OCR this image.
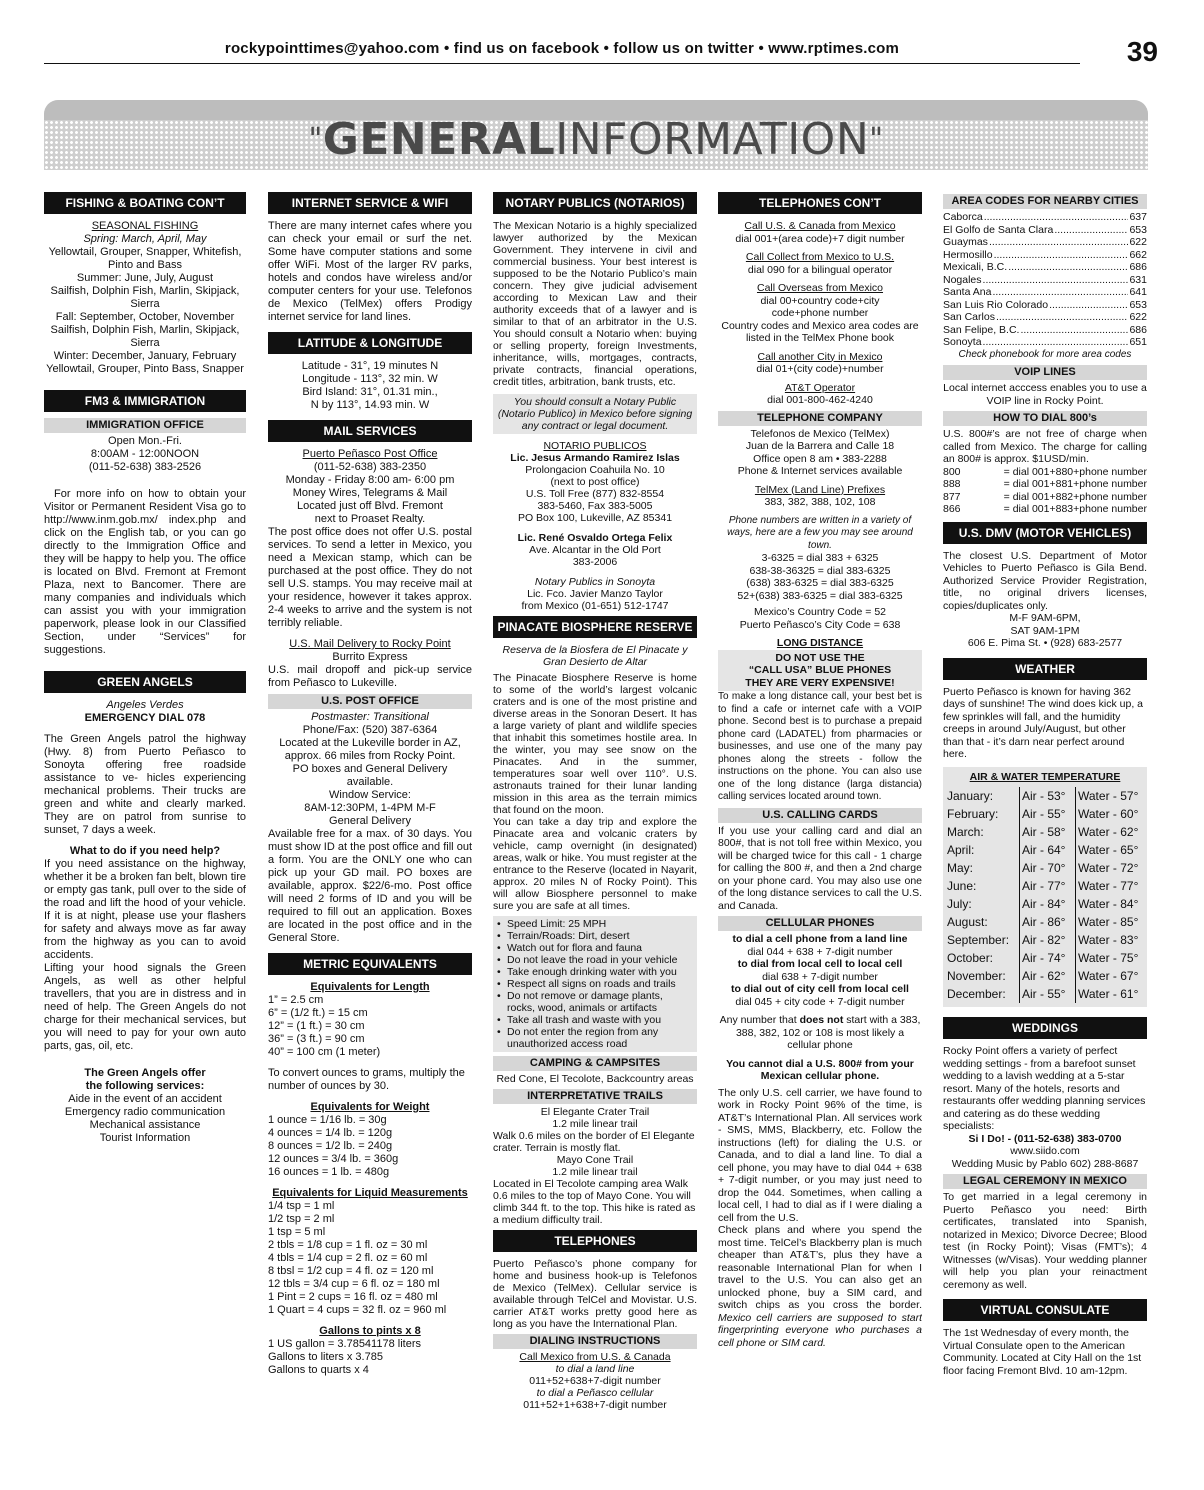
rockypointtimes@yahoo.com • find us on facebook • follow us on twitter • www.rptimes.com	39
"GENERALINFORMATION"
FISHING & BOATING CON’T
SEASONAL FISHING
Spring: March, April, May
Yellowtail, Grouper, Snapper, Whitefish,
Pinto and Bass
Summer: June, July, August
Sailfish, Dolphin Fish, Marlin, Skipjack, Sierra
Fall: September, October, November
Sailfish, Dolphin Fish, Marlin, Skipjack, Sierra
Winter: December, January, February
Yellowtail, Grouper, Pinto Bass, Snapper
FM3 & IMMIGRATION
IMMIGRATION OFFICE
Open Mon.-Fri.
8:00AM - 12:00NOON
(011-52-638) 383-2526
For more info on how to obtain your Visitor or Permanent Resident Visa go to http://www.inm.gob.mx/ index.php and click on the English tab, or you can go directly to the Immigration Office and they will be happy to help you. The office is located on Blvd. Fremont at Fremont Plaza, next to Bancomer. There are many companies and individuals which can assist you with your immigration paperwork, please look in our Classified Section, under “Services” for suggestions.
GREEN ANGELS
Angeles Verdes
EMERGENCY DIAL 078
The Green Angels patrol the highway (Hwy. 8) from Puerto Peñasco to Sonoyta offering free roadside assistance to ve- hicles experiencing mechanical problems. Their trucks are green and white and clearly marked. They are on patrol from sunrise to sunset, 7 days a week.
What to do if you need help?
If you need assistance on the highway, whether it be a broken fan belt, blown tire or empty gas tank, pull over to the side of the road and lift the hood of your vehicle. If it is at night, please use your flashers for safety and always move as far away from the highway as you can to avoid accidents.
Lifting your hood signals the Green Angels, as well as other helpful travellers, that you are in distress and in need of help. The Green Angels do not charge for their mechanical services, but you will need to pay for your own auto parts, gas, oil, etc.
The Green Angels offer
the following services:
Aide in the event of an accident
Emergency radio communication
Mechanical assistance
Tourist Information
INTERNET SERVICE & WIFI
There are many internet cafes where you can check your email or surf the net. Some have computer stations and some offer WiFi. Most of the larger RV parks, hotels and condos have wireless and/or computer centers for your use. Telefonos de Mexico (TelMex) offers Prodigy internet service for land lines.
LATITUDE & LONGITUDE
Latitude - 31°, 19 minutes N
Longitude - 113°, 32 min. W
Bird Island: 31°, 01.31 min.,
N by 113°, 14.93 min. W
MAIL SERVICES
Puerto Peñasco Post Office
(011-52-638) 383-2350
Monday - Friday 8:00 am- 6:00 pm
Money Wires, Telegrams & Mail
Located just off Blvd. Fremont
next to Proaset Realty.
The post office does not offer U.S. postal services. To send a letter in Mexico, you need a Mexican stamp, which can be purchased at the post office. They do not sell U.S. stamps. You may receive mail at your residence, however it takes approx. 2-4 weeks to arrive and the system is not terribly reliable.
U.S. Mail Delivery to Rocky Point
Burrito Express
U.S. mail dropoff and pick-up service from Peñasco to Lukeville.
U.S. POST OFFICE
Postmaster: Transitional
Phone/Fax: (520) 387-6364
Located at the Lukeville border in AZ,
approx. 66 miles from Rocky Point.
PO boxes and General Delivery available.
Window Service:
8AM-12:30PM, 1-4PM M-F
General Delivery
Available free for a max. of 30 days. You must show ID at the post office and fill out a form. You are the ONLY one who can pick up your GD mail. PO boxes are available, approx. $22/6-mo. Post office will need 2 forms of ID and you will be required to fill out an application. Boxes are located in the post office and in the General Store.
METRIC EQUIVALENTS
Equivalents for Length
1” = 2.5 cm
6” = (1/2 ft.) = 15 cm
12” = (1 ft.) = 30 cm
36” = (3 ft.) = 90 cm
40” = 100 cm (1 meter)
To convert ounces to grams, multiply the number of ounces by 30.
Equivalents for Weight
1 ounce = 1/16 lb. = 30g
4 ounces = 1/4 lb. = 120g
8 ounces = 1/2 lb. = 240g
12 ounces = 3/4 lb. = 360g
16 ounces = 1 lb. = 480g
Equivalents for Liquid Measurements
1/4 tsp = 1 ml
1/2 tsp = 2 ml
1 tsp = 5 ml
2 tbls = 1/8 cup = 1 fl. oz = 30 ml
4 tbls = 1/4 cup = 2 fl. oz = 60 ml
8 tbsl = 1/2 cup = 4 fl. oz = 120 ml
12 tbls = 3/4 cup = 6 fl. oz = 180 ml
1 Pint = 2 cups = 16 fl. oz = 480 ml
1 Quart = 4 cups = 32 fl. oz = 960 ml
Gallons to pints x 8
1 US gallon = 3.78541178 liters
Gallons to liters x 3.785
Gallons to quarts x 4
NOTARY PUBLICS (NOTARIOS)
The Mexican Notario is a highly specialized lawyer authorized by the Mexican Government. They intervene in civil and commercial business. Your best interest is supposed to be the Notario Publico’s main concern. They give judicial advisement according to Mexican Law and their authority exceeds that of a lawyer and is similar to that of an arbitrator in the U.S. You should consult a Notario when: buying or selling property, foreign Investments, inheritance, wills, mortgages, contracts, private contracts, financial operations, credit titles, arbitration, bank trusts, etc.
You should consult a Notary Public (Notario Publico) in Mexico before signing any contract or legal document.
NOTARIO PUBLICOS
Lic. Jesus Armando Ramirez Islas
Prolongacion Coahuila No. 10
(next to post office)
U.S. Toll Free (877) 832-8554
383-5460, Fax 383-5005
PO Box 100, Lukeville, AZ 85341
Lic. René Osvaldo Ortega Felix
Ave. Alcantar in the Old Port
383-2006
Notary Publics in Sonoyta
Lic. Fco. Javier Manzo Taylor
from Mexico (01-651) 512-1747
PINACATE BIOSPHERE RESERVE
Reserva de la Biosfera de El Pinacate y Gran Desierto de Altar
The Pinacate Biosphere Reserve is home to some of the world’s largest volcanic craters and is one of the most pristine and diverse areas in the Sonoran Desert. It has a large variety of plant and wildlife species that inhabit this sometimes hostile area. In the winter, you may see snow on the Pinacates. And in the summer, temperatures soar well over 110°. U.S. astronauts trained for their lunar landing mission in this area as the terrain mimics that found on the moon.
You can take a day trip and explore the Pinacate area and volcanic craters by vehicle, camp overnight (in designated) areas, walk or hike. You must register at the entrance to the Reserve (located in Nayarit, approx. 20 miles N of Rocky Point). This will allow Biosphere personnel to make sure you are safe at all times.
• Speed Limit: 25 MPH
• Terrain/Roads: Dirt, desert
• Watch out for flora and fauna
• Do not leave the road in your vehicle
• Take enough drinking water with you
• Respect all signs on roads and trails
• Do not remove or damage plants, rocks, wood, animals or artifacts
• Take all trash and waste with you
• Do not enter the region from any unauthorized access road
CAMPING & CAMPSITES
Red Cone, El Tecolote, Backcountry areas
INTERPRETATIVE TRAILS
El Elegante Crater Trail
1.2 mile linear trail
Walk 0.6 miles on the border of El Elegante crater. Terrain is mostly flat.
Mayo Cone Trail
1.2 mile linear trail
Located in El Tecolote camping area Walk 0.6 miles to the top of Mayo Cone. You will climb 344 ft. to the top. This hike is rated as a medium difficulty trail.
TELEPHONES
Puerto Peñasco’s phone company for home and business hook-up is Telefonos de Mexico (TelMex). Cellular service is available through TelCel and Movistar. U.S. carrier AT&T works pretty good here as long as you have the International Plan.
DIALING INSTRUCTIONS
Call Mexico from U.S. & Canada
to dial a land line
011+52+638+7-digit number
to dial a Peñasco cellular
011+52+1+638+7-digit number
TELEPHONES CON’T
Call U.S. & Canada from Mexico
dial 001+(area code)+7 digit number
Call Collect from Mexico to U.S.
dial 090 for a bilingual operator
Call Overseas from Mexico
dial 00+country code+city
code+phone number
Country codes and Mexico area codes are listed in the TelMex Phone book
Call another City in Mexico
dial 01+(city code)+number
AT&T Operator
dial 001-800-462-4240
TELEPHONE COMPANY
Telefonos de Mexico (TelMex)
Juan de la Barrera and Calle 18
Office open 8 am • 383-2288
Phone & Internet services available
TelMex (Land Line) Prefixes
383, 382, 388, 102, 108
Phone numbers are written in a variety of ways, here are a few you may see around town.
3-6325 = dial 383 + 6325
638-38-36325 = dial 383-6325
(638) 383-6325 = dial 383-6325
52+(638) 383-6325 = dial 383-6325
Mexico’s Country Code = 52
Puerto Peñasco’s City Code = 638
LONG DISTANCE
DO NOT USE THE
“CALL USA” BLUE PHONES
THEY ARE VERY EXPENSIVE!
To make a long distance call, your best bet is to find a cafe or internet cafe with a VOIP phone. Second best is to purchase a prepaid phone card (LADATEL) from pharmacies or businesses, and use one of the many pay phones along the streets - follow the instructions on the phone. You can also use one of the long distance (larga distancia) calling services located around town.
U.S. CALLING CARDS
If you use your calling card and dial an 800#, that is not toll free within Mexico, you will be charged twice for this call - 1 charge for calling the 800 #, and then a 2nd charge on your phone card. You may also use one of the long distance services to call the U.S. and Canada.
CELLULAR PHONES
to dial a cell phone from a land line
dial 044 + 638 + 7-digit number
to dial from local cell to local cell
dial 638 + 7-digit number
to dial out of city cell from local cell
dial 045 + city code + 7-digit number
Any number that does not start with a 383, 388, 382, 102 or 108 is most likely a cellular phone
You cannot dial a U.S. 800# from your Mexican cellular phone.
The only U.S. cell carrier, we have found to work in Rocky Point 96% of the time, is AT&T’s International Plan. All services work - SMS, MMS, Blackberry, etc. Follow the instructions (left) for dialing the U.S. or Canada, and to dial a land line. To dial a cell phone, you may have to dial 044 + 638 + 7-digit number, or you may just need to drop the 044. Sometimes, when calling a local cell, I had to dial as if I were dialing a cell from the U.S.
Check plans and where you spend the most time. TelCel’s Blackberry plan is much cheaper than AT&T’s, plus they have a reasonable International Plan for when I travel to the U.S. You can also get an unlocked phone, buy a SIM card, and switch chips as you cross the border. Mexico cell carriers are supposed to start fingerprinting everyone who purchases a cell phone or SIM card.
AREA CODES FOR NEARBY CITIES
Caborca .....	637
El Golfo de Santa Clara .....	653
Guaymas .....	622
Hermosillo .....	662
Mexicali, B.C. .....	686
Nogales .....	631
Santa Ana .....	641
San Luis Rio Colorado .....	653
San Carlos .....	622
San Felipe, B.C. .....	686
Sonoyta .....	651
Check phonebook for more area codes
VOIP LINES
Local internet acccess enables you to use a VOIP line in Rocky Point.
HOW TO DIAL 800’s
U.S. 800#’s are not free of charge when called from Mexico. The charge for calling an 800# is approx. $1USD/min.
800	= dial 001+880+phone number
888	= dial 001+881+phone number
877	= dial 001+882+phone number
866	= dial 001+883+phone number
U.S. DMV (MOTOR VEHICLES)
The closest U.S. Department of Motor Vehicles to Puerto Peñasco is Gila Bend. Authorized Service Provider Registration, title, no original drivers licenses, copies/duplicates only.
M-F 9AM-6PM,
SAT 9AM-1PM
606 E. Pima St. • (928) 683-2577
WEATHER
Puerto Peñasco is known for having 362 days of sunshine! The wind does kick up, a few sprinkles will fall, and the humidity creeps in around July/August, but other than that - it’s darn near perfect around here.
AIR & WATER TEMPERATURE
January:	Air - 53°	Water - 57°
February:	Air - 55°	Water - 60°
March:	Air - 58°	Water - 62°
April:	Air - 64°	Water - 65°
May:	Air - 70°	Water - 72°
June:	Air - 77°	Water - 77°
July:	Air - 84°	Water - 84°
August:	Air - 86°	Water - 85°
September:	Air - 82°	Water - 83°
October:	Air - 74°	Water - 75°
November:	Air - 62°	Water - 67°
December:	Air - 55°	Water - 61°
WEDDINGS
Rocky Point offers a variety of perfect wedding settings - from a barefoot sunset wedding to a lavish wedding at a 5-star resort. Many of the hotels, resorts and restaurants offer wedding planning services and catering as do these wedding specialists:
Si I Do! - (011-52-638) 383-0700
www.siido.com
Wedding Music by Pablo 602) 288-8687
LEGAL CEREMONY IN MEXICO
To get married in a legal ceremony in Puerto Peñasco you need: Birth certificates, translated into Spanish, notarized in Mexico; Divorce Decree; Blood test (in Rocky Point); Visas (FMT’s); 4 Witnesses (w/Visas). Your wedding planner will help you plan your reinactment ceremony as well.
VIRTUAL CONSULATE
The 1st Wednesday of every month, the Virtual Consulate open to the American Community. Located at City Hall on the 1st floor facing Fremont Blvd. 10 am-12pm.
